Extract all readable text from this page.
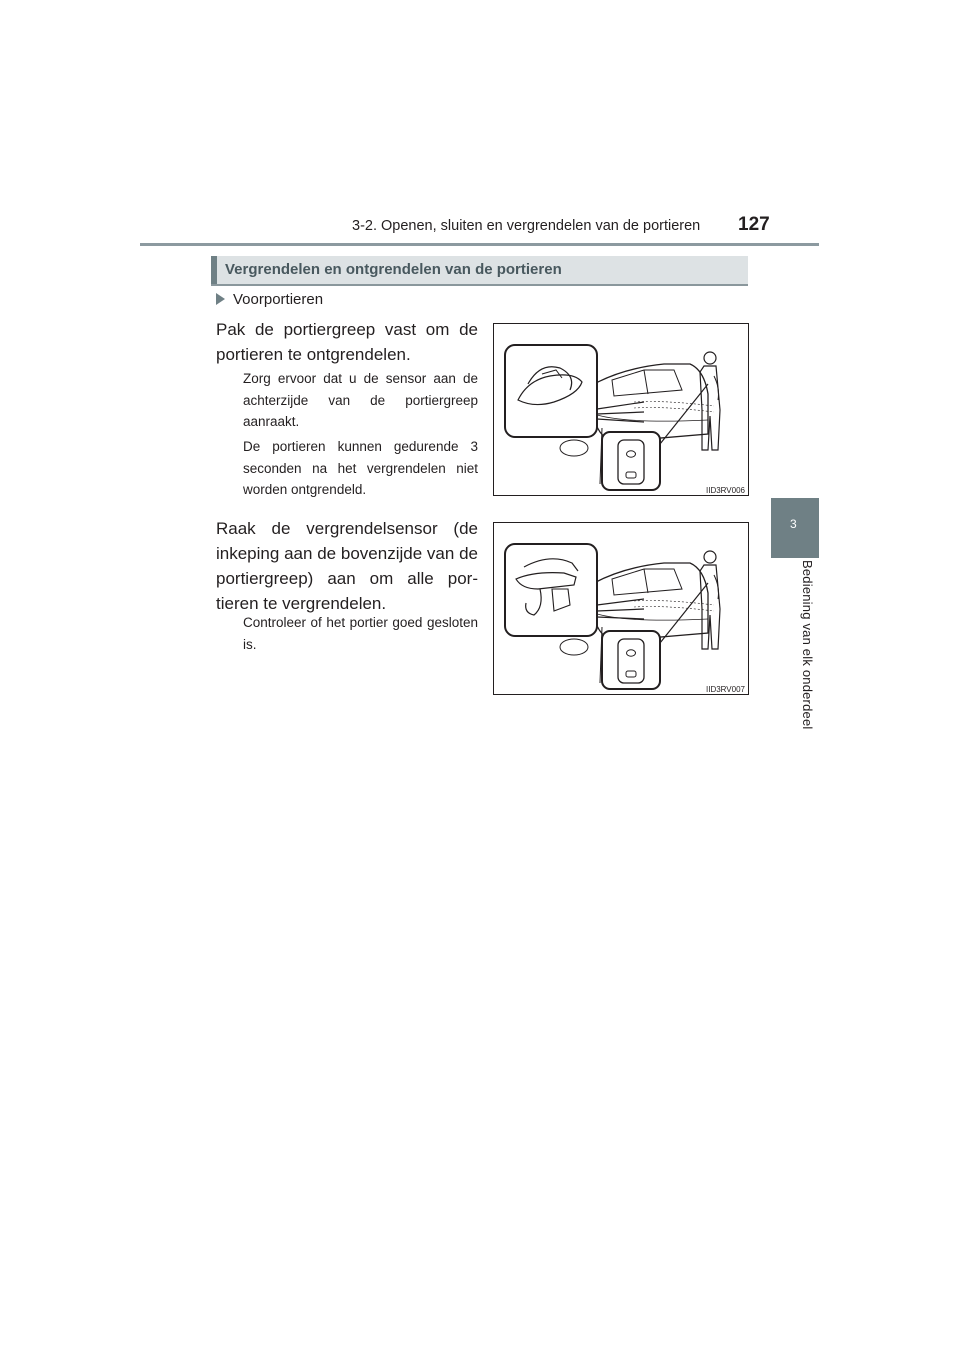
3-2. Openen, sluiten en vergrendelen van de portieren 127
3
Bediening van elk onderdeel
Vergrendelen en ontgrendelen van de portieren
Voorportieren
Pak de portiergreep vast om de portieren te ontgrendelen.
Zorg ervoor dat u de sensor aan de achterzijde van de portiergreep aanraakt.
De portieren kunnen gedurende 3 seconden na het vergrendelen niet worden ontgrendeld.	IID3RV006
Raak de vergrendelsensor (de inkeping aan de bovenzijde van de portiergreep) aan om alle por-tieren te vergrendelen.
Controleer of het portier goed gesloten is.
IID3RV007
